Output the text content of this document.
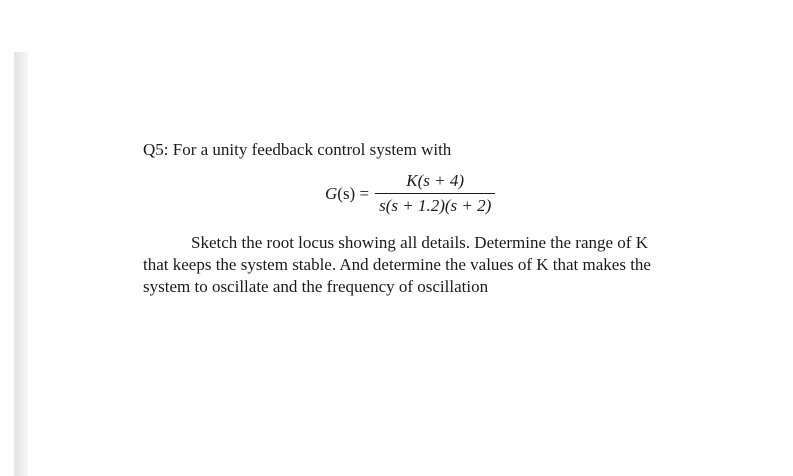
Q5: For a unity feedback control system with
$G(s) = \frac{K(s + 4)}{s(s + 1.2)(s + 2)}$
Sketch the root locus showing all details. Determine the range of K
that keeps the system stable. And determine the values of K that makes the
system to oscillate and the frequency of oscillation
